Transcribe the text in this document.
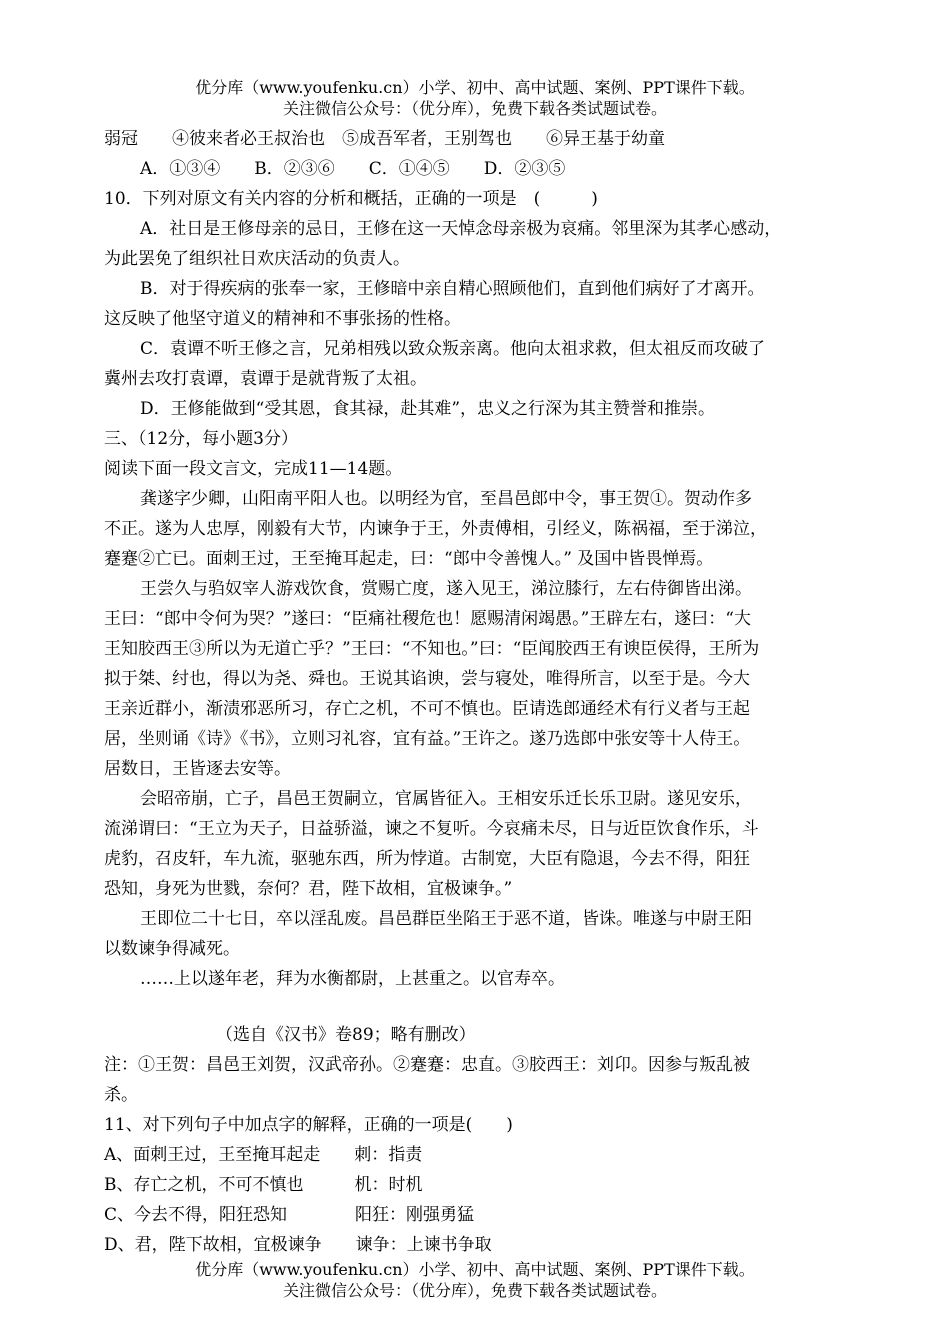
优分库（www.youfenku.cn）小学、初中、高中试题、案例、PPT课件下载。
关注微信公众号：（优分库），免费下载各类试题试卷。
弱冠　　④彼来者必王叔治也　⑤成吾军者，王别驾也　　⑥异王基于幼童
A．①③④　　B．②③⑥　　C．①④⑤　　D．②③⑤
10．下列对原文有关内容的分析和概括，正确的一项是　(　　　)
A．社日是王修母亲的忌日，王修在这一天悼念母亲极为哀痛。邻里深为其孝心感动，
为此罢免了组织社日欢庆活动的负责人。
B．对于得疾病的张奉一家，王修暗中亲自精心照顾他们，直到他们病好了才离开。
这反映了他坚守道义的精神和不事张扬的性格。
C．袁谭不听王修之言，兄弟相残以致众叛亲离。他向太祖求救，但太祖反而攻破了
冀州去攻打袁谭，袁谭于是就背叛了太祖。
D．王修能做到“受其恩，食其禄，赴其难”，忠义之行深为其主赞誉和推崇。
三、（12分，每小题3分）
阅读下面一段文言文，完成11—14题。
龚遂字少卿，山阳南平阳人也。以明经为官，至昌邑郎中令，事王贺①。贺动作多
不正。遂为人忠厚，刚毅有大节，内谏争于王，外责傅相，引经义，陈祸福，至于涕泣，
蹇蹇②亡已。面刺王过，王至掩耳起走，曰：“郎中令善愧人。” 及国中皆畏惮焉。
王尝久与驺奴宰人游戏饮食，赏赐亡度，遂入见王，涕泣膝行，左右侍御皆出涕。
王曰：“郎中令何为哭？”遂曰：“臣痛社稷危也！愿赐清闲竭愚。”王辟左右，遂曰：“大
王知胶西王③所以为无道亡乎？”王曰：“不知也。”曰：“臣闻胶西王有谀臣侯得，王所为
拟于桀、纣也，得以为尧、舜也。王说其谄谀，尝与寝处，唯得所言，以至于是。今大
王亲近群小，渐渍邪恶所习，存亡之机，不可不慎也。臣请选郎通经术有行义者与王起
居，坐则诵《诗》《书》，立则习礼容，宜有益。”王许之。遂乃选郎中张安等十人侍王。
居数日，王皆逐去安等。
会昭帝崩，亡子，昌邑王贺嗣立，官属皆征入。王相安乐迁长乐卫尉。遂见安乐，
流涕谓曰：“王立为天子，日益骄溢，谏之不复听。今哀痛未尽，日与近臣饮食作乐，斗
虎豹，召皮轩，车九流，驱驰东西，所为悖道。古制宽，大臣有隐退，今去不得，阳狂
恐知，身死为世戮，奈何？君，陛下故相，宜极谏争。”
王即位二十七日，卒以淫乱废。昌邑群臣坐陷王于恶不道，皆诛。唯遂与中尉王阳
以数谏争得减死。
……上以遂年老，拜为水衡都尉，上甚重之。以官寿卒。
（选自《汉书》卷89；略有删改）
注：①王贺：昌邑王刘贺，汉武帝孙。②蹇蹇：忠直。③胶西王：刘卬。因参与叛乱被
杀。
11、对下列句子中加点字的解释，正确的一项是(　　)
A、面刺王过，王至掩耳起走　　刺：指责
B、存亡之机，不可不慎也　　　机：时机
C、今去不得，阳狂恐知　　　　阳狂：刚强勇猛
D、君，陛下故相，宜极谏争　　谏争：上谏书争取
优分库（www.youfenku.cn）小学、初中、高中试题、案例、PPT课件下载。
关注微信公众号：（优分库），免费下载各类试题试卷。
